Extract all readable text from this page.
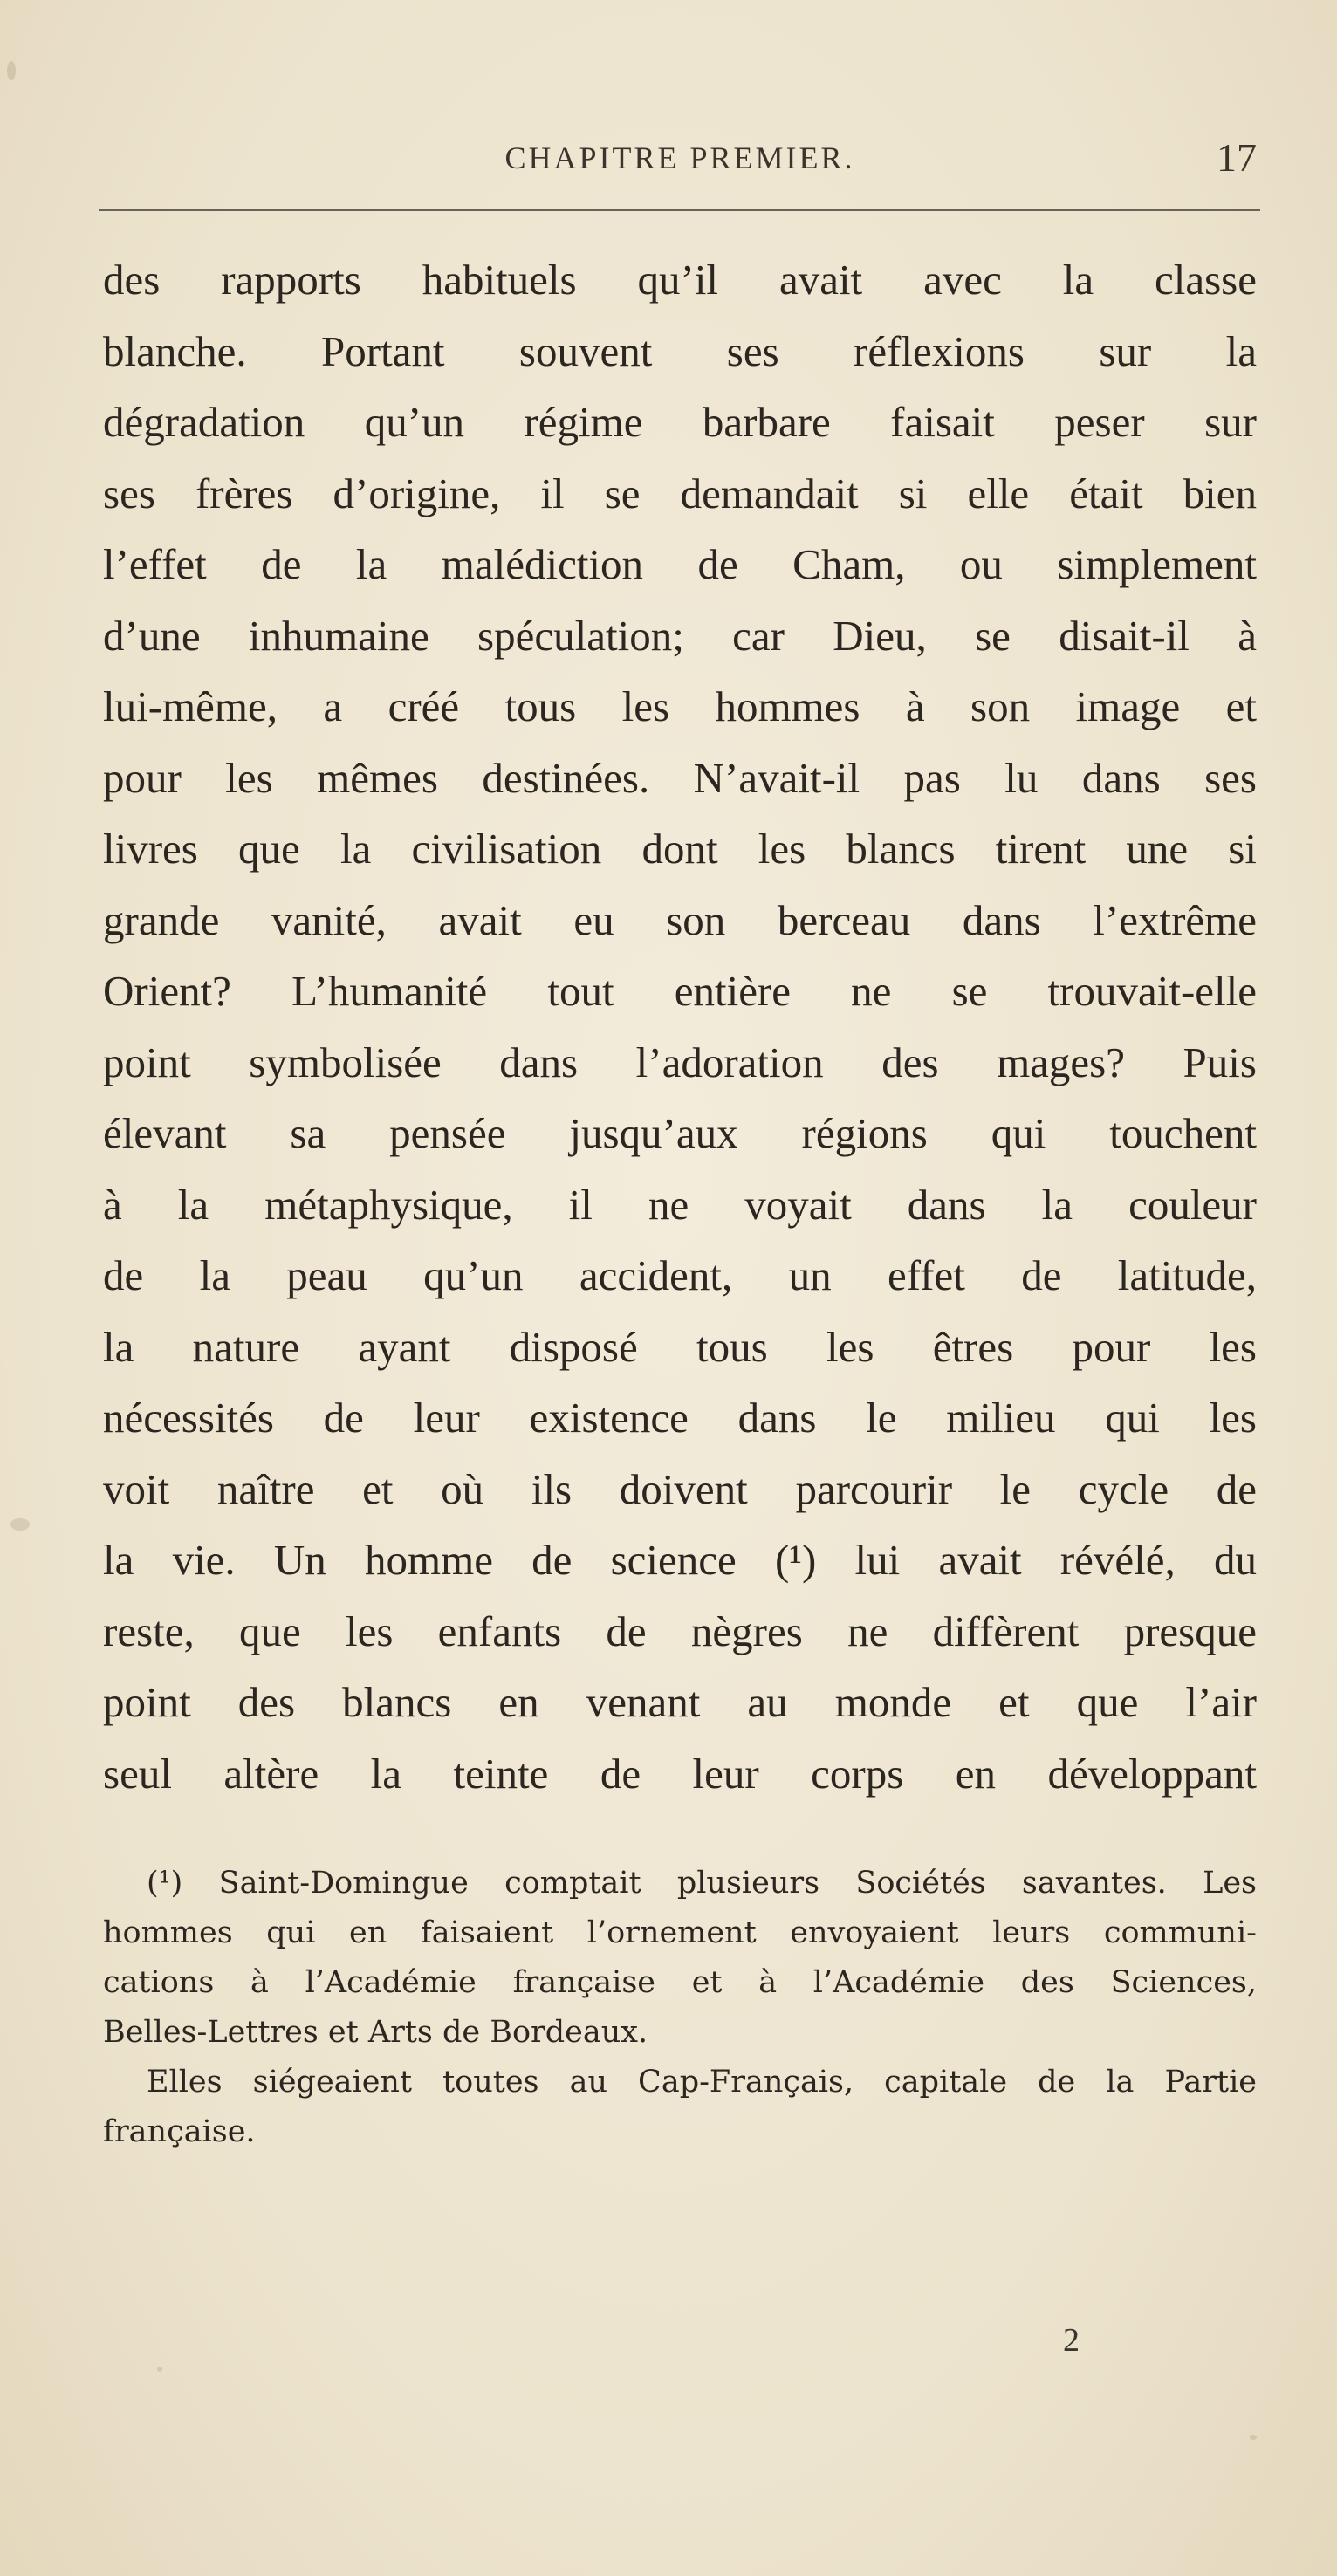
CHAPITRE PREMIER.	17
des rapports habituels qu’il avait avec la classe
blanche. Portant souvent ses réflexions sur la
dégradation qu’un régime barbare faisait peser sur
ses frères d’origine, il se demandait si elle était bien
l’effet de la malédiction de Cham, ou simplement
d’une inhumaine spéculation; car Dieu, se disait-il à
lui-même, a créé tous les hommes à son image et
pour les mêmes destinées. N’avait-il pas lu dans ses
livres que la civilisation dont les blancs tirent une si
grande vanité, avait eu son berceau dans l’extrême
Orient? L’humanité tout entière ne se trouvait-elle
point symbolisée dans l’adoration des mages? Puis
élevant sa pensée jusqu’aux régions qui touchent
à la métaphysique, il ne voyait dans la couleur
de la peau qu’un accident, un effet de latitude,
la nature ayant disposé tous les êtres pour les
nécessités de leur existence dans le milieu qui les
voit naître et où ils doivent parcourir le cycle de
la vie. Un homme de science (¹) lui avait révélé, du
reste, que les enfants de nègres ne diffèrent presque
point des blancs en venant au monde et que l’air
seul altère la teinte de leur corps en développant
(¹) Saint-Domingue comptait plusieurs Sociétés savantes. Les
hommes qui en faisaient l’ornement envoyaient leurs communi-
cations à l’Académie française et à l’Académie des Sciences,
Belles-Lettres et Arts de Bordeaux.
Elles siégeaient toutes au Cap-Français, capitale de la Partie
française.
2
